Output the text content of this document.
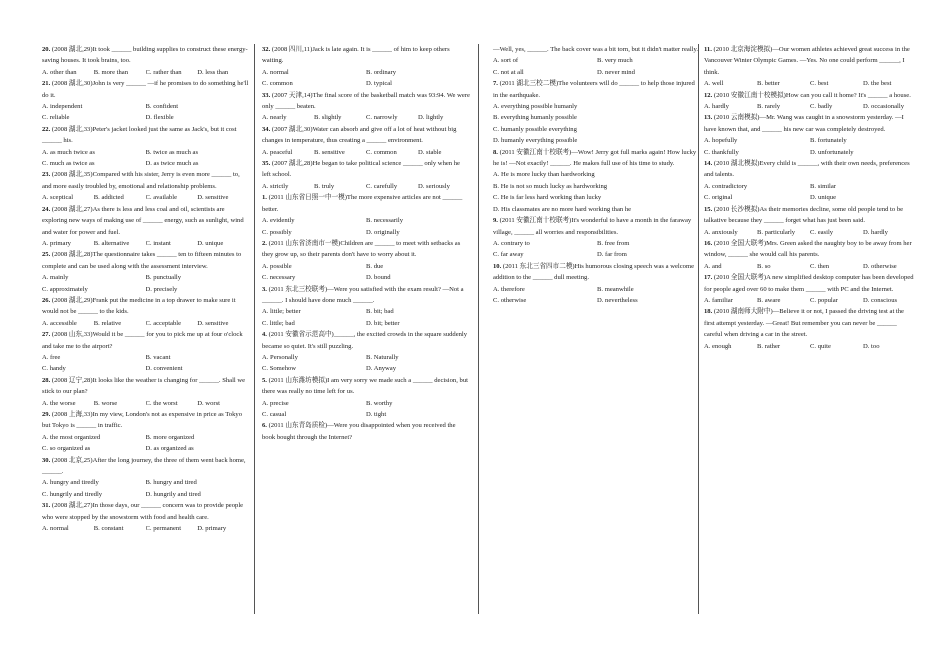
20. (2008 湖北,29)It took ______ building supplies to construct these energy-saving houses. It took brains, too.
A. other than	B. more than	C. rather than	D. less than
21. (2008 湖北,30)John is very ______ —if he promises to do something he'll do it.
A. independent	B. confident
C. reliable	D. flexible
22. (2008 湖北,33)Peter's jacket looked just the same as Jack's, but it cost ______ his.
A. as much twice as	B. twice as much as
C. much as twice as	D. as twice much as
23. (2008 湖北,35)Compared with his sister, Jerry is even more ______ to, and more easily troubled by, emotional and relationship problems.
A. sceptical	B. addicted	C. available	D. sensitive
24. (2008 湖北,27)As there is less and less coal and oil, scientists are exploring new ways of making use of ______ energy, such as sunlight, wind and water for power and fuel.
A. primary	B. alternative	C. instant	D. unique
25. (2008 湖北,28)The questionnaire takes ______ ten to fifteen minutes to complete and can be used along with the assessment interview.
A. mainly	B. punctually
C. approximately	D. precisely
26. (2008 湖北,29)Frank put the medicine in a top drawer to make sure it would not be ______ to the kids.
A. accessible	B. relative	C. acceptable	D. sensitive
27. (2008 山东,33)Would it be ______ for you to pick me up at four o'clock and take me to the airport?
A. free	B. vacant
C. handy	D. convenient
28. (2008 辽宁,28)It looks like the weather is changing for ______. Shall we stick to our plan?
A. the worse	B. worse	C. the worst	D. worst
29. (2008 上海,33)In my view, London's not as expensive in price as Tokyo but Tokyo is ______ in traffic.
A. the most organized	B. more organized
C. so organized as	D. as organized as
30. (2008 北京,25)After the long journey, the three of them went back home, ______.
A. hungry and tiredly	B. hungry and tired
C. hungrily and tiredly	D. hungrily and tired
31. (2008 湖北,27)In those days, our ______ concern was to provide people who were stopped by the snowstorm with food and health care.
A. normal	B. constant	C. permanent	D. primary
32. (2008 四川,11)Jack is late again. It is ______ of him to keep others waiting.
A. normal	B. ordinary
C. common	D. typical
33. (2007 天津,14)The final score of the basketball match was 93:94. We were only ______ beaten.
A. nearly	B. slightly	C. narrowly	D. lightly
34. (2007 湖北,30)Water can absorb and give off a lot of heat without big changes in temperature, thus creating a ______ environment.
A. peaceful	B. sensitive	C. common	D. stable
35. (2007 湖北,28)He began to take political science ______ only when he left school.
A. strictly	B. truly	C. carefully	D. seriously
1. (2011 山东省日照一中一模)The more expensive articles are not ______ better.
A. evidently	B. necessarily
C. possibly	D. originally
2. (2011 山东省济南市一模)Children are ______ to meet with setbacks as they grow up, so their parents don't have to worry about it.
A. possible	B. due
C. necessary	D. bound
3. (2011 东北三校联考)—Were you satisfied with the exam result? —Not a ______. I should have done much ______.
A. little; better	B. bit; bad
C. little; bad	D. bit; better
4. (2011 安徽省示范高中)______, the excited crowds in the square suddenly became so quiet. It's still puzzling.
A. Personally	B. Naturally
C. Somehow	D. Anyway
5. (2011 山东潍坊模拟)I am very sorry we made such a ______ decision, but there was really no time left for us.
A. precise	B. worthy
C. casual	D. tight
6. (2011 山东青岛质检)—Were you disappointed when you received the book bought through the Internet?
—Well, yes, ______. The back cover was a bit torn, but it didn't matter really.
A. sort of	B. very much
C. not at all	D. never mind
7. (2011 湖北三校二模)The volunteers will do ______ to help those injured in the earthquake.
A. everything possible humanly
B. everything humanly possible
C. humanly possible everything
D. humanly everything possible
8. (2011 安徽江南十校联考)—Wow! Jerry got full marks again! How lucky he is! —Not exactly! ______. He makes full use of his time to study.
A. He is more lucky than hardworking
B. He is not so much lucky as hardworking
C. He is far less hard working than lucky
D. His classmates are no more hard working than he
9. (2011 安徽江南十校联考)It's wonderful to have a month in the faraway village, ______ all worries and responsibilities.
A. contrary to	B. free from
C. far away	D. far from
10. (2011 东北三省四市二模)His humorous closing speech was a welcome addition to the ______ dull meeting.
A. therefore	B. meanwhile
C. otherwise	D. nevertheless
11. (2010 北京海淀模拟)—Our women athletes achieved great success in the Vancouver Winter Olympic Games. —Yes. No one could perform ______, I think.
A. well	B. better	C. best	D. the best
12. (2010 安徽江南十校模拟)How can you call it home? It's ______ a house.
A. hardly	B. rarely	C. badly	D. occasionally
13. (2010 云南模拟)—Mr. Wang was caught in a snowstorm yesterday. —I have known that, and ______ his new car was completely destroyed.
A. hopefully	B. fortunately
C. thankfully	D. unfortunately
14. (2010 湖北模拟)Every child is ______, with their own needs, preferences and talents.
A. contradictory	B. similar
C. original	D. unique
15. (2010 长沙模拟)As their memories decline, some old people tend to be talkative because they ______ forget what has just been said.
A. anxiously	B. particularly	C. easily	D. hardly
16. (2010 全国大联考)Mrs. Green asked the naughty boy to be away from her window, ______ she would call his parents.
A. and	B. so	C. then	D. otherwise
17. (2010 全国大联考)A new simplified desktop computer has been developed for people aged over 60 to make them ______ with PC and the Internet.
A. familiar	B. aware	C. popular	D. conscious
18. (2010 湖南师大附中)—Believe it or not, I passed the driving test at the first attempt yesterday. —Great! But remember you can never be ______ careful when driving a car in the street.
A. enough	B. rather	C. quite	D. too
